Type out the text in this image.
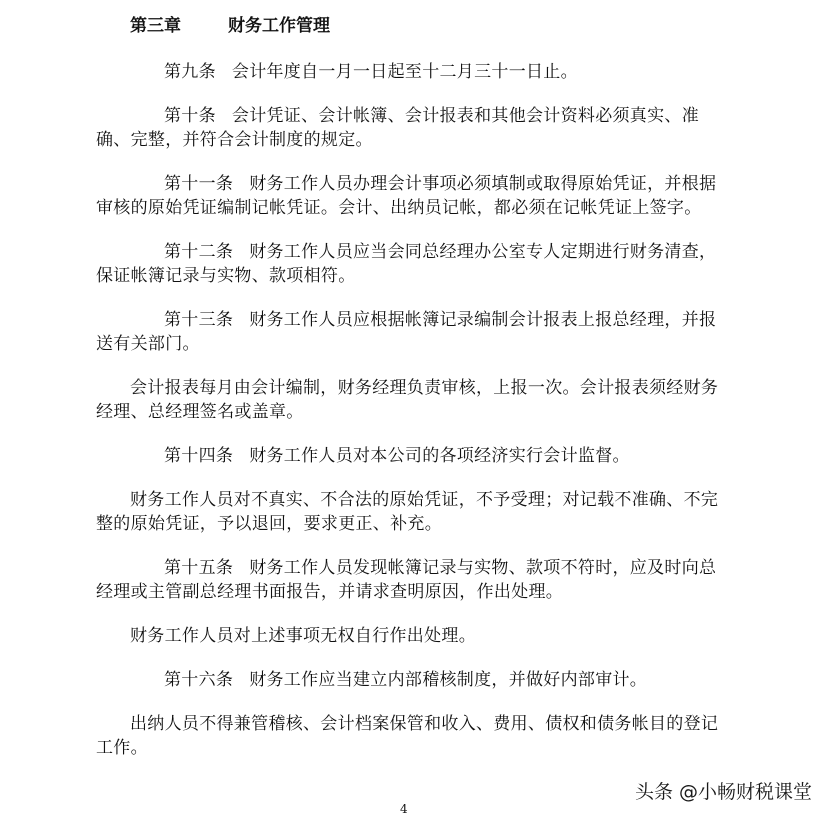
第三章	财务工作管理
第九条 会计年度自一月一日起至十二月三十一日止。
第十条 会计凭证、会计帐簿、会计报表和其他会计资料必须真实、准确、完整，并符合会计制度的规定。
第十一条 财务工作人员办理会计事项必须填制或取得原始凭证，并根据审核的原始凭证编制记帐凭证。会计、出纳员记帐，都必须在记帐凭证上签字。
第十二条 财务工作人员应当会同总经理办公室专人定期进行财务清查，保证帐簿记录与实物、款项相符。
第十三条 财务工作人员应根据帐簿记录编制会计报表上报总经理，并报送有关部门。
会计报表每月由会计编制，财务经理负责审核，上报一次。会计报表须经财务经理、总经理签名或盖章。
第十四条 财务工作人员对本公司的各项经济实行会计监督。
财务工作人员对不真实、不合法的原始凭证，不予受理；对记载不准确、不完整的原始凭证，予以退回，要求更正、补充。
第十五条 财务工作人员发现帐簿记录与实物、款项不符时，应及时向总经理或主管副总经理书面报告，并请求查明原因，作出处理。
财务工作人员对上述事项无权自行作出处理。
第十六条 财务工作应当建立内部稽核制度，并做好内部审计。
出纳人员不得兼管稽核、会计档案保管和收入、费用、债权和债务帐目的登记工作。
头条 @小畅财税课堂
4
